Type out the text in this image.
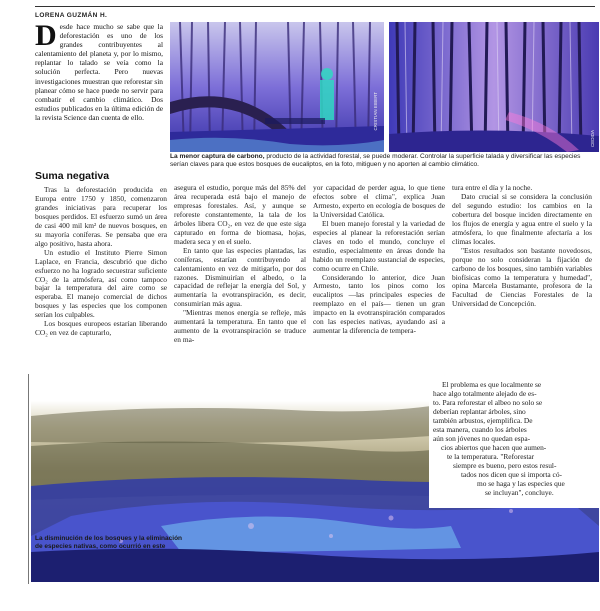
LORENA GUZMÁN H.
Desde hace mucho se sabe que la deforestación es uno de los grandes contribuyentes al calentamiento del planeta y, por lo mismo, replantar lo talado se veía como la solución perfecta. Pero nuevas investigaciones muestran que reforestar sin planear cómo se hace puede no servir para combatir el cambio climático. Dos estudios publicados en la última edición de la revista Science dan cuenta de ello.	CRISTIAN EIBERT
CEDIDA
La menor captura de carbono, producto de la actividad forestal, se puede moderar. Controlar la superficie talada y diversificar las especies serían claves para que estos bosques de eucaliptos, en la foto, mitiguen y no aporten al cambio climático.
Suma negativa

Tras la deforestación producida en Europa entre 1750 y 1850, comenzaron grandes iniciativas para recuperar los bosques perdidos. El esfuerzo sumó un área de casi 400 mil km² de nuevos bosques, en su mayoría coníferas. Se pensaba que era algo positivo, hasta ahora.

Un estudio el Instituto Pierre Simon Laplace, en Francia, descubrió que dicho esfuerzo no ha logrado secuestrar suficiente CO₂ de la atmósfera, así como tampoco bajar la temperatura del aire como se esperaba. El manejo comercial de dichos bosques y las especies que los componen serían los culpables.

Los bosques europeos estarían liberando CO₂ en vez de capturarlo,

asegura el estudio, porque más del 85% del área recuperada está bajo el manejo de empresas forestales. Así, y aunque se reforeste constantemente, la tala de los árboles libera CO₂, en vez de que este siga capturado en forma de biomasa, hojas, madera seca y en el suelo.

En tanto que las especies plantadas, las coníferas, estarían contribuyendo al calentamiento en vez de mitigarlo, por dos razones. Disminuirían el albedo, o la capacidad de reflejar la energía del Sol, y aumentaría la evotranspiración, es decir, consumirían más agua.

"Mientras menos energía se refleje, más aumentará la temperatura. En tanto que el aumento de la evotranspiración se traduce en ma-

yor capacidad de perder agua, lo que tiene efectos sobre el clima", explica Juan Armesto, experto en ecología de bosques de la Universidad Católica.

El buen manejo forestal y la variedad de especies al planear la reforestación serían claves en todo el mundo, concluye el estudio, especialmente en áreas donde ha habido un reemplazo sustancial de especies, como ocurre en Chile.

Considerando lo anterior, dice Juan Armesto, tanto los pinos como los eucaliptos —las principales especies de reemplazo en el país— tienen un gran impacto en la evotranspiración comparados con las especies nativas, ayudando así a aumentar la diferencia de tempera-

tura entre el día y la noche.

Dato crucial si se considera la conclusión del segundo estudio: los cambios en la cobertura del bosque inciden directamente en los flujos de energía y agua entre el suelo y la atmósfera, lo que finalmente afectaría a los climas locales.

"Estos resultados son bastante novedosos, porque no solo consideran la fijación de carbono de los bosques, sino también variables biofísicas como la temperatura y humedad", opina Marcela Bustamante, profesora de la Facultad de Ciencias Forestales de la Universidad de Concepción.

El problema es que localmente se
hace algo totalmente alejado de es-
to. Para reforestar el albeo no solo se
deberían replantar árboles, sino
también arbustos, ejemplifica. De
esta manera, cuando los árboles
aún son jóvenes no quedan espa-
cios abiertos que hacen que aumen-
te la temperatura. "Reforestar
siempre es bueno, pero estos resul-
tados nos dicen que si importa có-
mo se haga y las especies que
se incluyan", concluye.
La disminución de los bosques y la eliminación de especies nativas, como ocurrió en este
